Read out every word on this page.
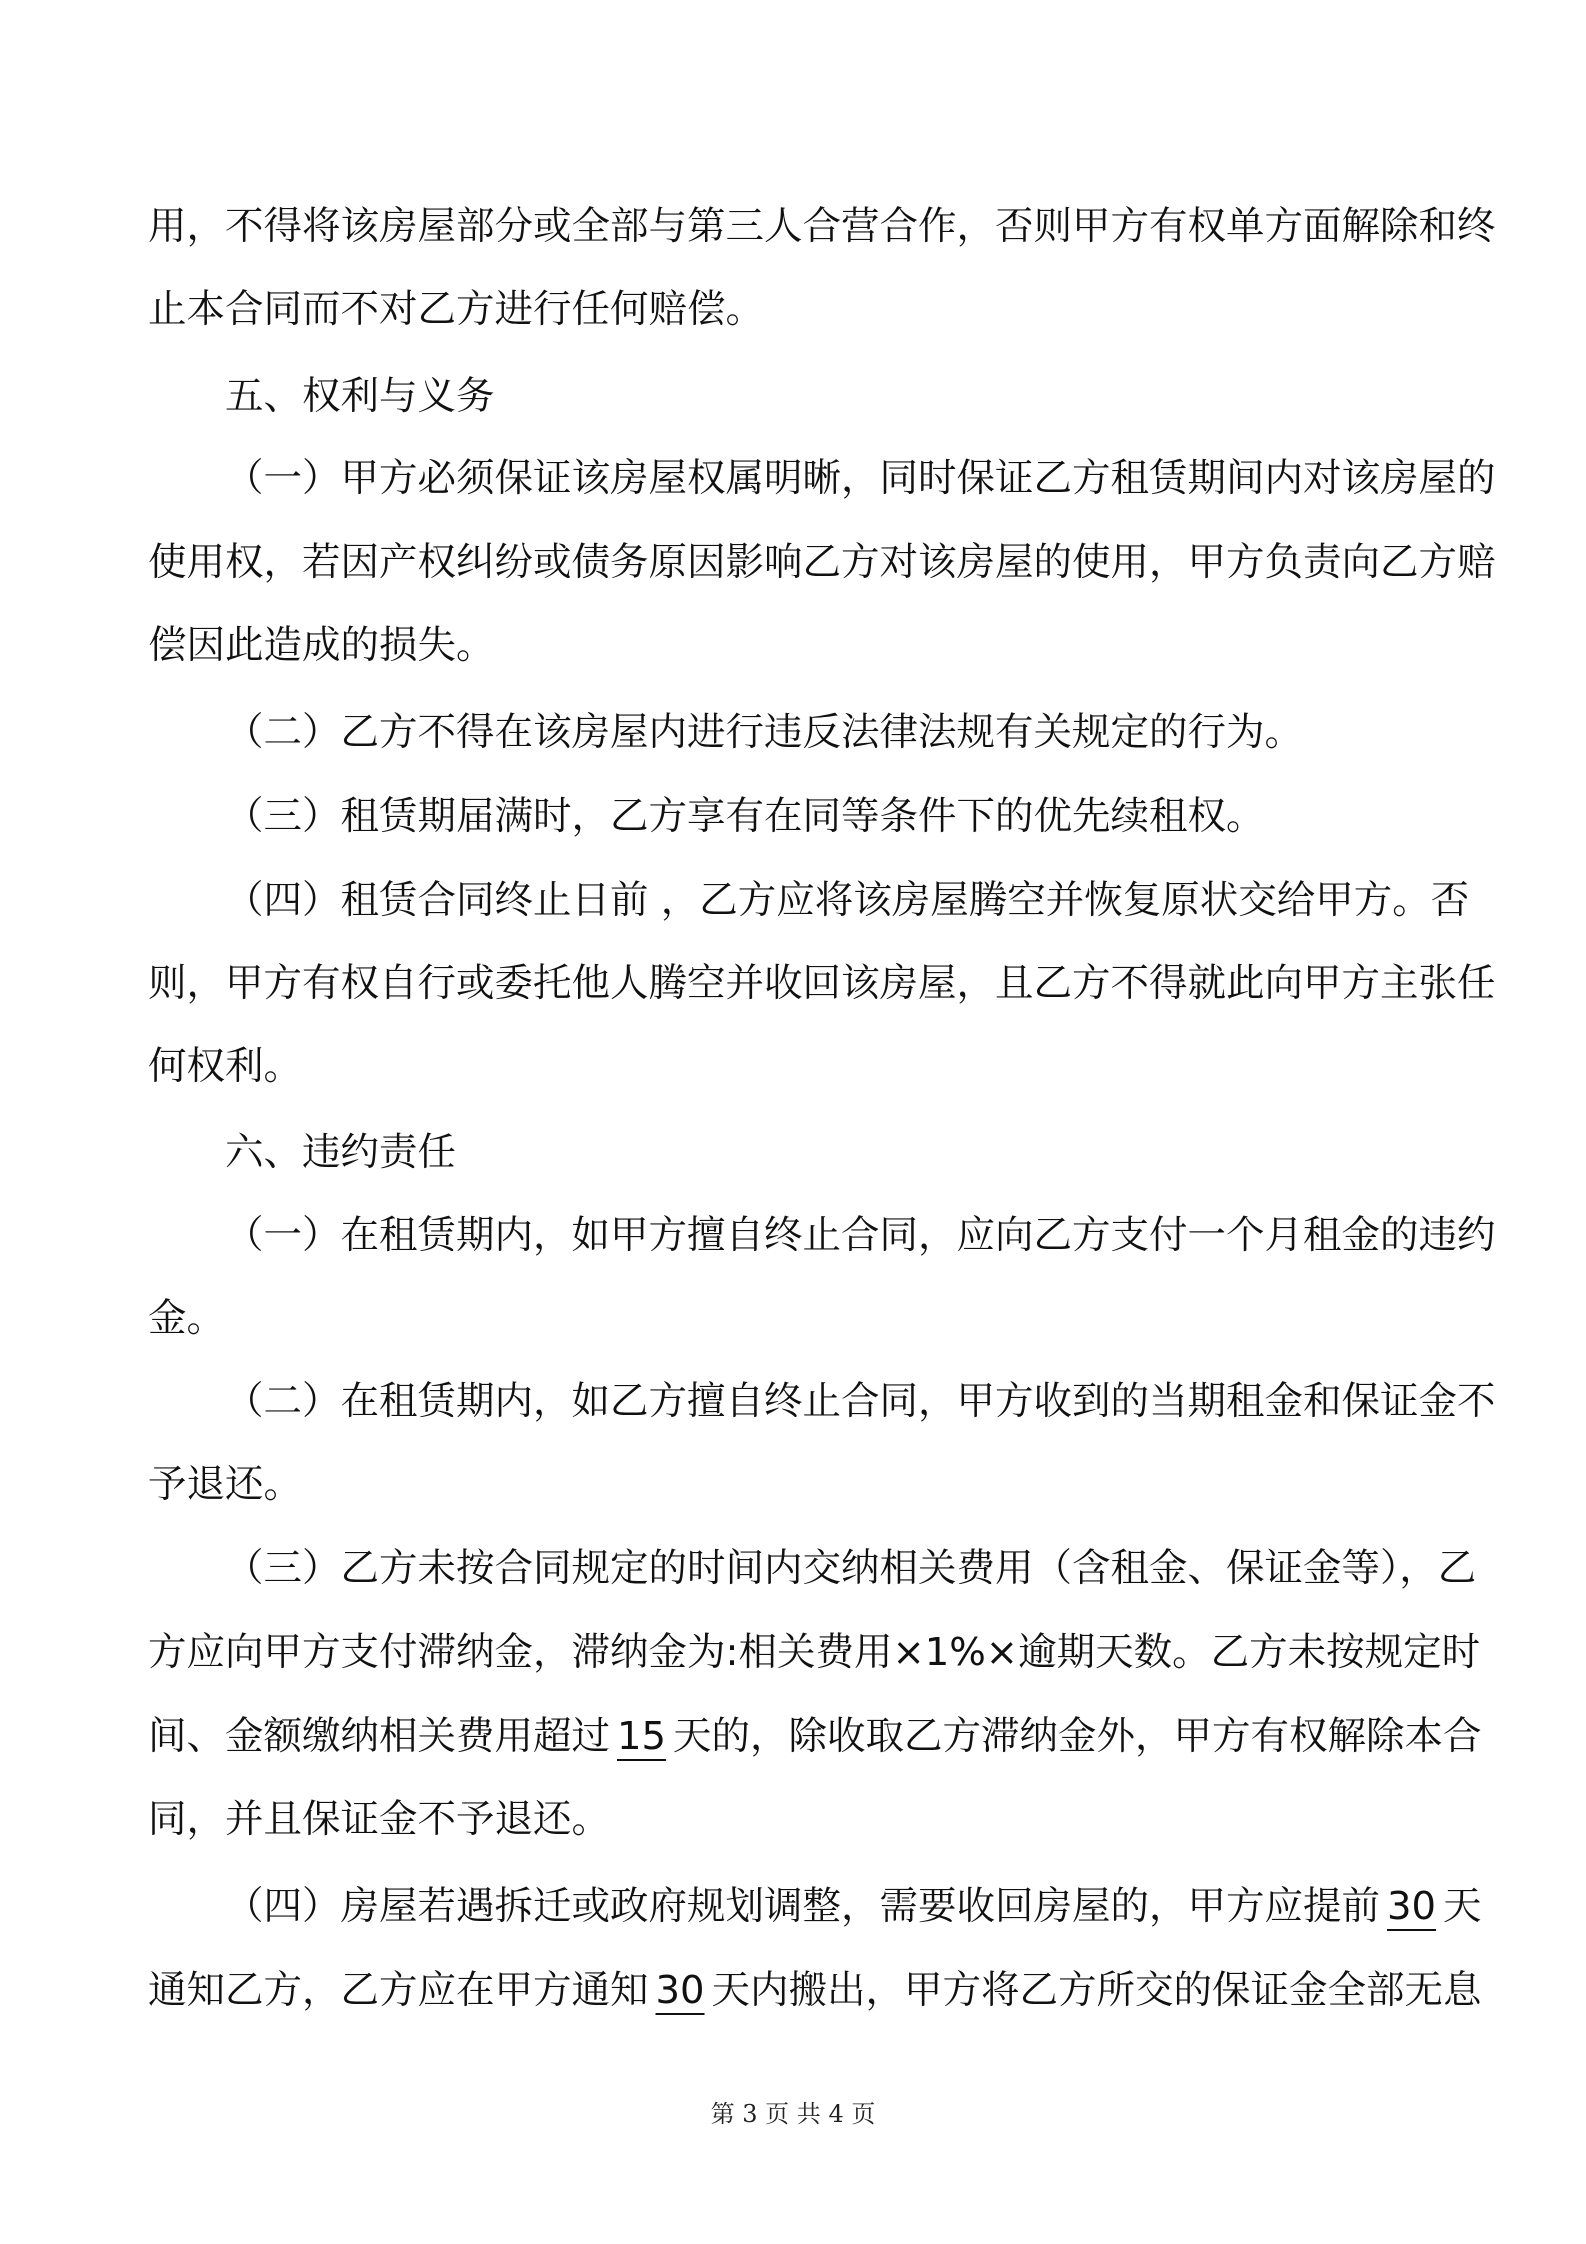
用，不得将该房屋部分或全部与第三人合营合作，否则甲方有权单方面解除和终
止本合同而不对乙方进行任何赔偿。
五、权利与义务
（一）甲方必须保证该房屋权属明晰，同时保证乙方租赁期间内对该房屋的
使用权，若因产权纠纷或债务原因影响乙方对该房屋的使用，甲方负责向乙方赔
偿因此造成的损失。
（二）乙方不得在该房屋内进行违反法律法规有关规定的行为。
（三）租赁期届满时，乙方享有在同等条件下的优先续租权。
（四）租赁合同终止日前 ，乙方应将该房屋腾空并恢复原状交给甲方。否
则，甲方有权自行或委托他人腾空并收回该房屋，且乙方不得就此向甲方主张任
何权利。
六、违约责任
（一）在租赁期内，如甲方擅自终止合同，应向乙方支付一个月租金的违约
金。
（二）在租赁期内，如乙方擅自终止合同，甲方收到的当期租金和保证金不
予退还。
（三）乙方未按合同规定的时间内交纳相关费用（含租金、保证金等），乙
方应向甲方支付滞纳金，滞纳金为:相关费用×1%×逾期天数。乙方未按规定时
间、金额缴纳相关费用超过 15 天的，除收取乙方滞纳金外，甲方有权解除本合
同，并且保证金不予退还。
（四）房屋若遇拆迁或政府规划调整，需要收回房屋的，甲方应提前 30 天
通知乙方，乙方应在甲方通知 30 天内搬出，甲方将乙方所交的保证金全部无息
第 3 页 共 4 页
